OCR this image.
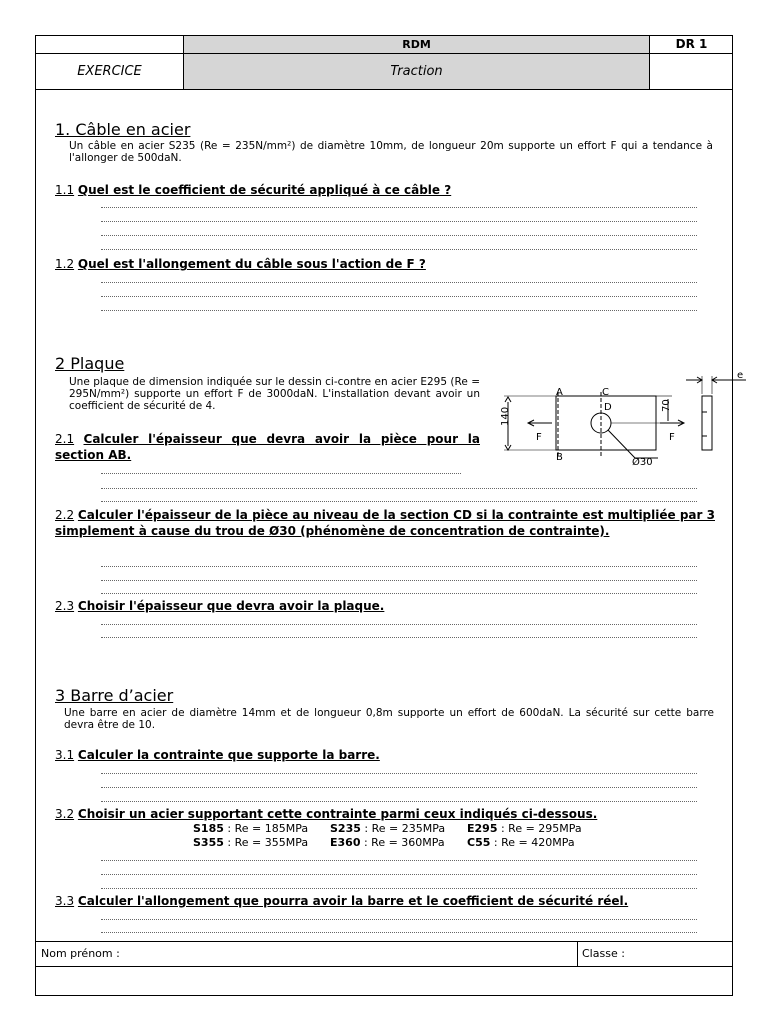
RDM	DR 1
EXERCICE	Traction
1. Câble en acier
Un câble en acier S235 (Re = 235N/mm²) de diamètre 10mm, de longueur 20m supporte un effort F qui a tendance à l'allonger de 500daN.
1.1 Quel est le coefficient de sécurité appliqué à ce câble ?
1.2 Quel est l'allongement du câble sous l'action de F ?
2 Plaque
Une plaque de dimension indiquée sur le dessin ci-contre en acier E295 (Re = 295N/mm²) supporte un effort F de 3000daN. L'installation devant avoir un coefficient de sécurité de 4.
2.1 Calculer l'épaisseur que devra avoir la pièce pour la section AB.
A
B
C
D
140
70
Ø30
F	F
e
2.2 Calculer l'épaisseur de la pièce au niveau de la section CD si la contrainte est multipliée par 3 simplement à cause du trou de Ø30 (phénomène de concentration de contrainte).
2.3 Choisir l'épaisseur que devra avoir la plaque.
3 Barre d’acier
Une barre en acier de diamètre 14mm et de longueur 0,8m supporte un effort de 600daN. La sécurité sur cette barre devra être de 10.
3.1 Calculer la contrainte que supporte la barre.
3.2 Choisir un acier supportant cette contrainte parmi ceux indiqués ci-dessous.
S185 : Re = 185MPa S235 : Re = 235MPa E295 : Re = 295MPa
S355 : Re = 355MPa E360 : Re = 360MPa C55 : Re = 420MPa
3.3 Calculer l'allongement que pourra avoir la barre et le coefficient de sécurité réel.
Nom prénom :	Classe :
